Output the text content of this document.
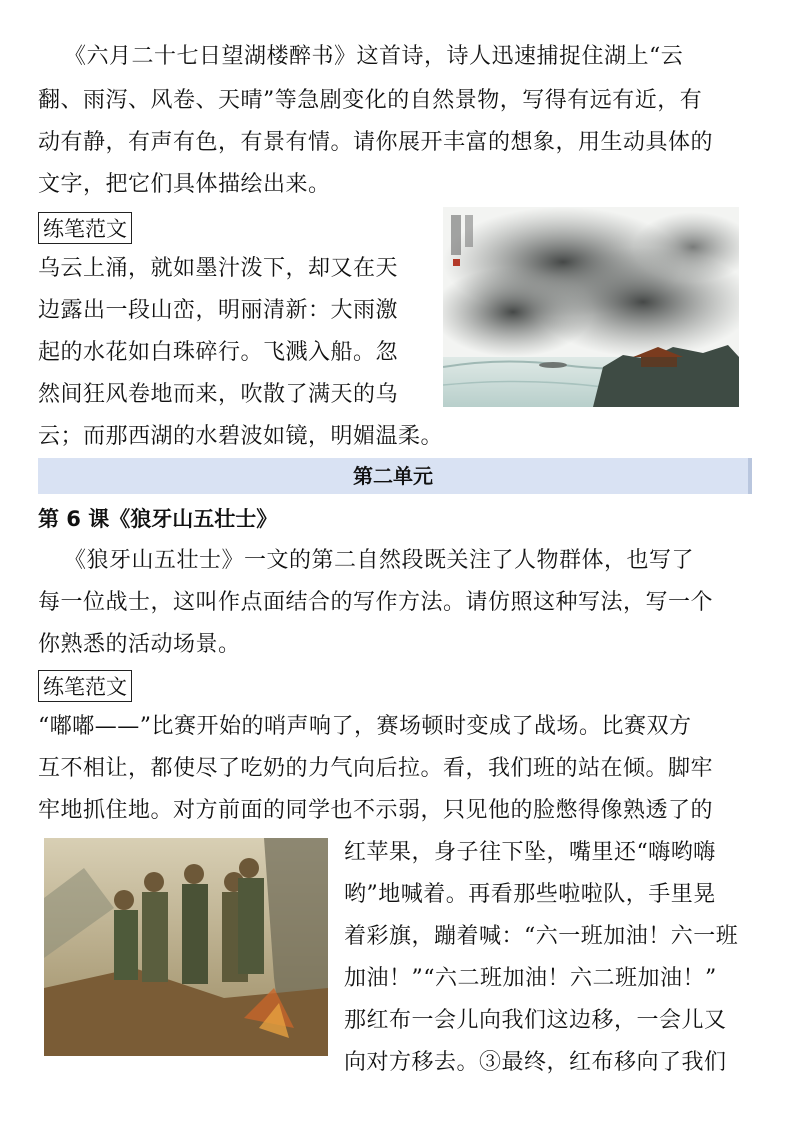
《六月二十七日望湖楼醉书》这首诗，诗人迅速捕捉住湖上“云
翻、雨泻、风卷、天晴”等急剧变化的自然景物，写得有远有近，有
动有静，有声有色，有景有情。请你展开丰富的想象，用生动具体的
文字，把它们具体描绘出来。
练笔范文
乌云上涌，就如墨汁泼下，却又在天
边露出一段山峦，明丽清新：大雨激
起的水花如白珠碎行。飞溅入船。忽
然间狂风卷地而来，吹散了满天的乌
云；而那西湖的水碧波如镜，明媚温柔。
第二单元
第 6 课《狼牙山五壮士》
《狼牙山五壮士》一文的第二自然段既关注了人物群体，也写了
每一位战士，这叫作点面结合的写作方法。请仿照这种写法，写一个
你熟悉的活动场景。
练笔范文
“嘟嘟——”比赛开始的哨声响了，赛场顿时变成了战场。比赛双方
互不相让，都使尽了吃奶的力气向后拉。看，我们班的站在倾。脚牢
牢地抓住地。对方前面的同学也不示弱，只见他的脸憋得像熟透了的
红苹果，身子往下坠，嘴里还“嗨哟嗨
哟”地喊着。再看那些啦啦队，手里晃
着彩旗，蹦着喊：“六一班加油！六一班
加油！”“六二班加油！六二班加油！”
那红布一会儿向我们这边移，一会儿又
向对方移去。③最终，红布移向了我们
